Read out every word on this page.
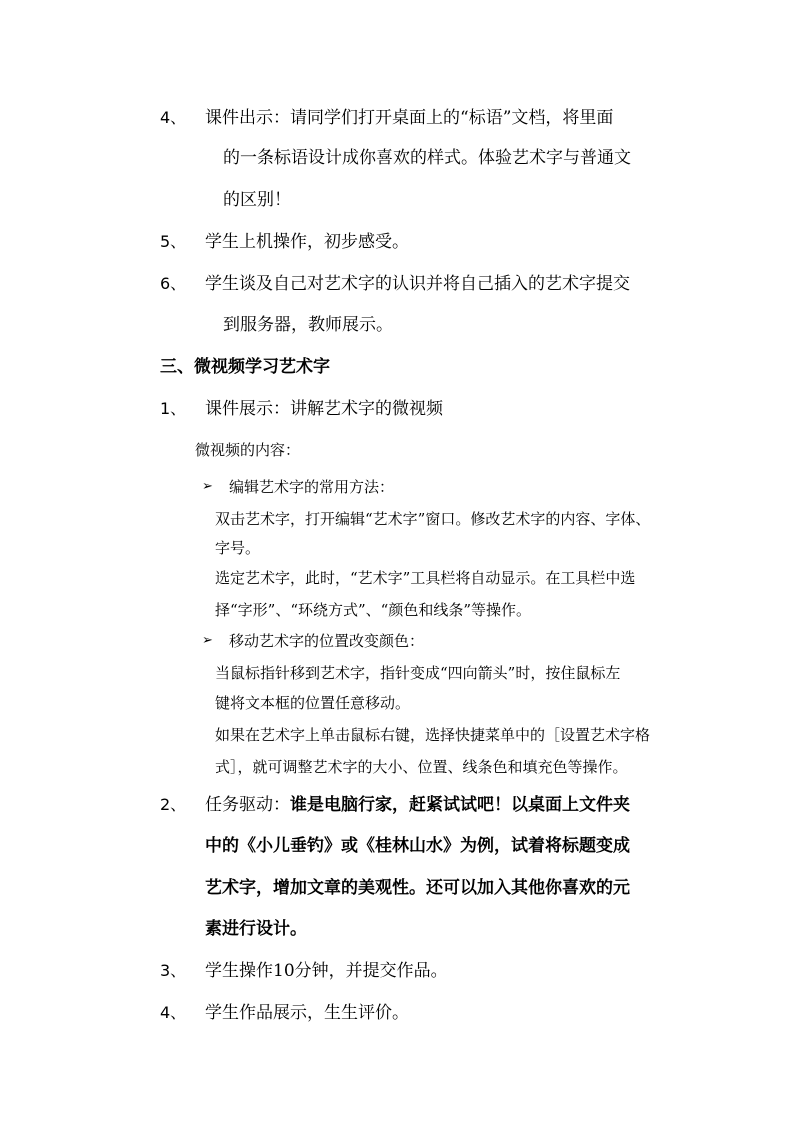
4、 课件出示：请同学们打开桌面上的“标语”文档，将里面
的一条标语设计成你喜欢的样式。体验艺术字与普通文
的区别！
5、 学生上机操作，初步感受。
6、 学生谈及自己对艺术字的认识并将自己插入的艺术字提交
到服务器，教师展示。
三、微视频学习艺术字
1、 课件展示：讲解艺术字的微视频
微视频的内容：
➢ 编辑艺术字的常用方法：
双击艺术字，打开编辑“艺术字”窗口。修改艺术字的内容、字体、
字号。
选定艺术字，此时，“艺术字”工具栏将自动显示。在工具栏中选
择“字形”、“环绕方式”、“颜色和线条”等操作。
➢ 移动艺术字的位置改变颜色：
当鼠标指针移到艺术字，指针变成“四向箭头”时，按住鼠标左
键将文本框的位置任意移动。
如果在艺术字上单击鼠标右键，选择快捷菜单中的［设置艺术字格
式］，就可调整艺术字的大小、位置、线条色和填充色等操作。
2、 任务驱动：谁是电脑行家，赶紧试试吧！以桌面上文件夹
中的《小儿垂钓》或《桂林山水》为例，试着将标题变成
艺术字，增加文章的美观性。还可以加入其他你喜欢的元
素进行设计。
3、 学生操作10分钟，并提交作品。
4、 学生作品展示，生生评价。
